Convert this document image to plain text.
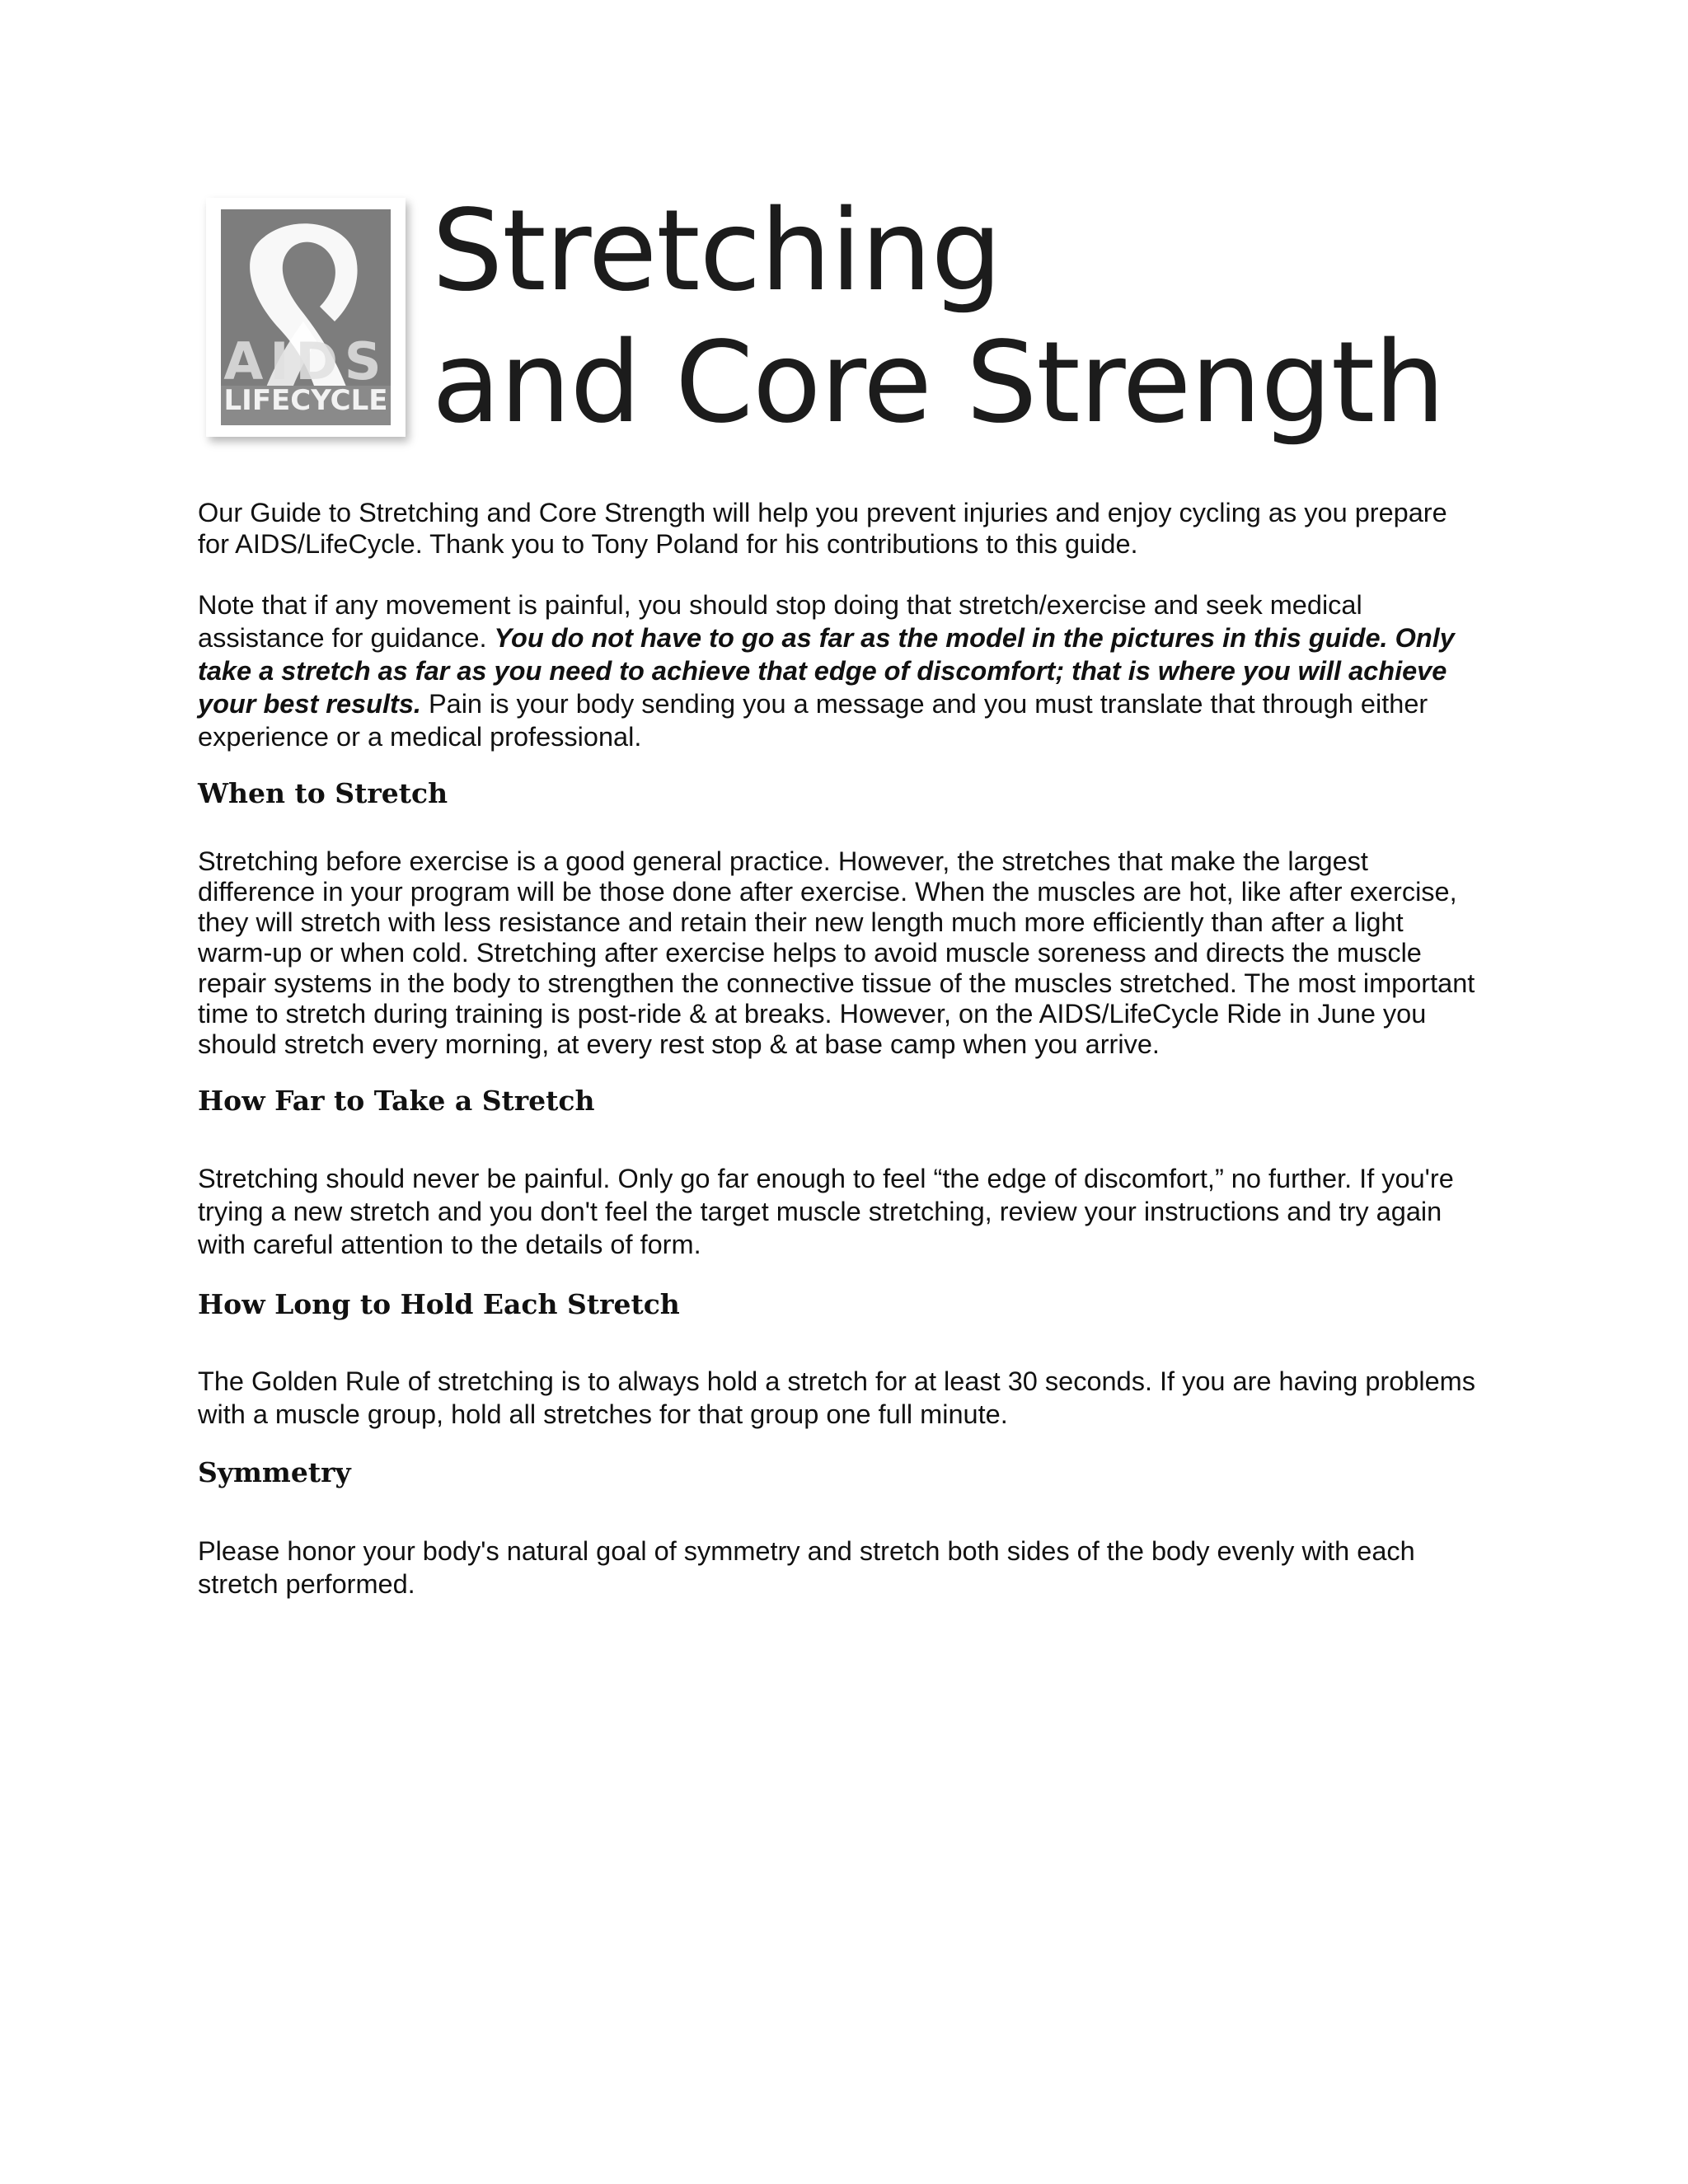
AIDS
LIFECYCLE
Stretching
and Core Strength

Our Guide to Stretching and Core Strength will help you prevent injuries and enjoy cycling as you prepare for AIDS/LifeCycle. Thank you to Tony Poland for his contributions to this guide.

Note that if any movement is painful, you should stop doing that stretch/exercise and seek medical assistance for guidance. You do not have to go as far as the model in the pictures in this guide. Only take a stretch as far as you need to achieve that edge of discomfort; that is where you will achieve your best results. Pain is your body sending you a message and you must translate that through either experience or a medical professional.

When to Stretch

Stretching before exercise is a good general practice. However, the stretches that make the largest difference in your program will be those done after exercise. When the muscles are hot, like after exercise, they will stretch with less resistance and retain their new length much more efficiently than after a light warm-up or when cold. Stretching after exercise helps to avoid muscle soreness and directs the muscle repair systems in the body to strengthen the connective tissue of the muscles stretched. The most important time to stretch during training is post-ride & at breaks. However, on the AIDS/LifeCycle Ride in June you should stretch every morning, at every rest stop & at base camp when you arrive.

How Far to Take a Stretch

Stretching should never be painful. Only go far enough to feel “the edge of discomfort,” no further. If you're trying a new stretch and you don't feel the target muscle stretching, review your instructions and try again with careful attention to the details of form.

How Long to Hold Each Stretch

The Golden Rule of stretching is to always hold a stretch for at least 30 seconds. If you are having problems with a muscle group, hold all stretches for that group one full minute.

Symmetry

Please honor your body's natural goal of symmetry and stretch both sides of the body evenly with each stretch performed.
